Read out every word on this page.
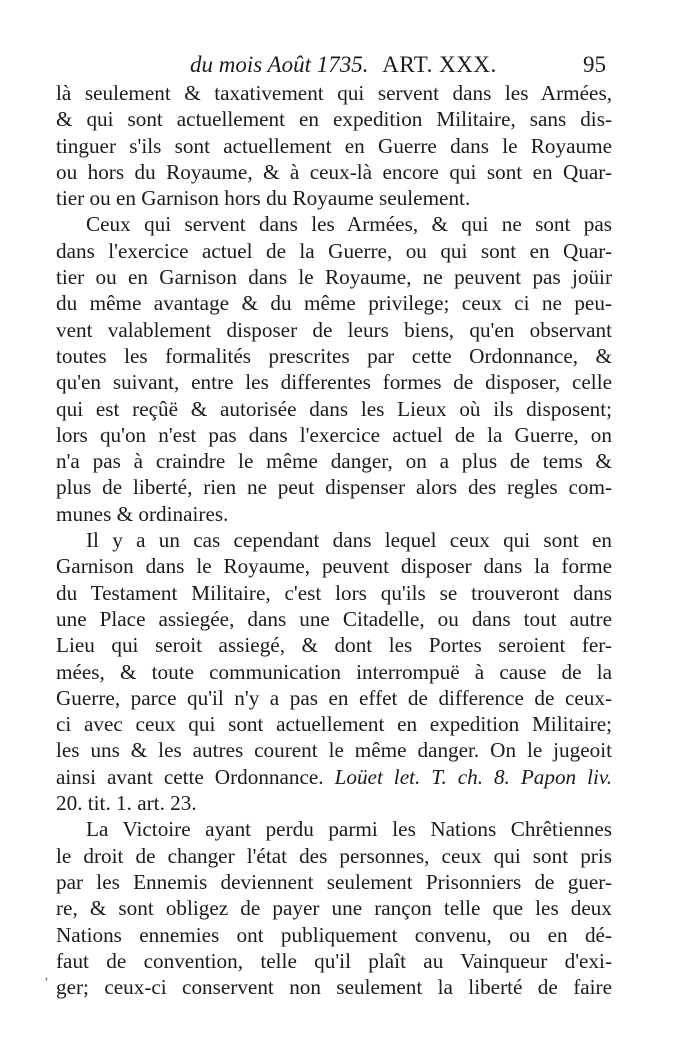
du mois Août 1735. ART. XXX.	95
là seulement & taxativement qui servent dans les Armées,
& qui sont actuellement en expedition Militaire, sans dis-
tinguer s'ils sont actuellement en Guerre dans le Royaume
ou hors du Royaume, & à ceux-là encore qui sont en Quar-
tier ou en Garnison hors du Royaume seulement.
Ceux qui servent dans les Armées, & qui ne sont pas
dans l'exercice actuel de la Guerre, ou qui sont en Quar-
tier ou en Garnison dans le Royaume, ne peuvent pas joüir
du même avantage & du même privilege; ceux ci ne peu-
vent valablement disposer de leurs biens, qu'en observant
toutes les formalités prescrites par cette Ordonnance, &
qu'en suivant, entre les differentes formes de disposer, celle
qui est reçûë & autorisée dans les Lieux où ils disposent;
lors qu'on n'est pas dans l'exercice actuel de la Guerre, on
n'a pas à craindre le même danger, on a plus de tems &
plus de liberté, rien ne peut dispenser alors des regles com-
munes & ordinaires.
Il y a un cas cependant dans lequel ceux qui sont en
Garnison dans le Royaume, peuvent disposer dans la forme
du Testament Militaire, c'est lors qu'ils se trouveront dans
une Place assiegée, dans une Citadelle, ou dans tout autre
Lieu qui seroit assiegé, & dont les Portes seroient fer-
mées, & toute communication interrompuë à cause de la
Guerre, parce qu'il n'y a pas en effet de difference de ceux-
ci avec ceux qui sont actuellement en expedition Militaire;
les uns & les autres courent le même danger. On le jugeoit
ainsi avant cette Ordonnance. Loüet let. T. ch. 8. Papon liv.
20. tit. 1. art. 23.
La Victoire ayant perdu parmi les Nations Chrêtiennes
le droit de changer l'état des personnes, ceux qui sont pris
par les Ennemis deviennent seulement Prisonniers de guer-
re, & sont obligez de payer une rançon telle que les deux
Nations ennemies ont publiquement convenu, ou en dé-
faut de convention, telle qu'il plaît au Vainqueur d'exi-
ger; ceux-ci conservent non seulement la liberté de faire
,
